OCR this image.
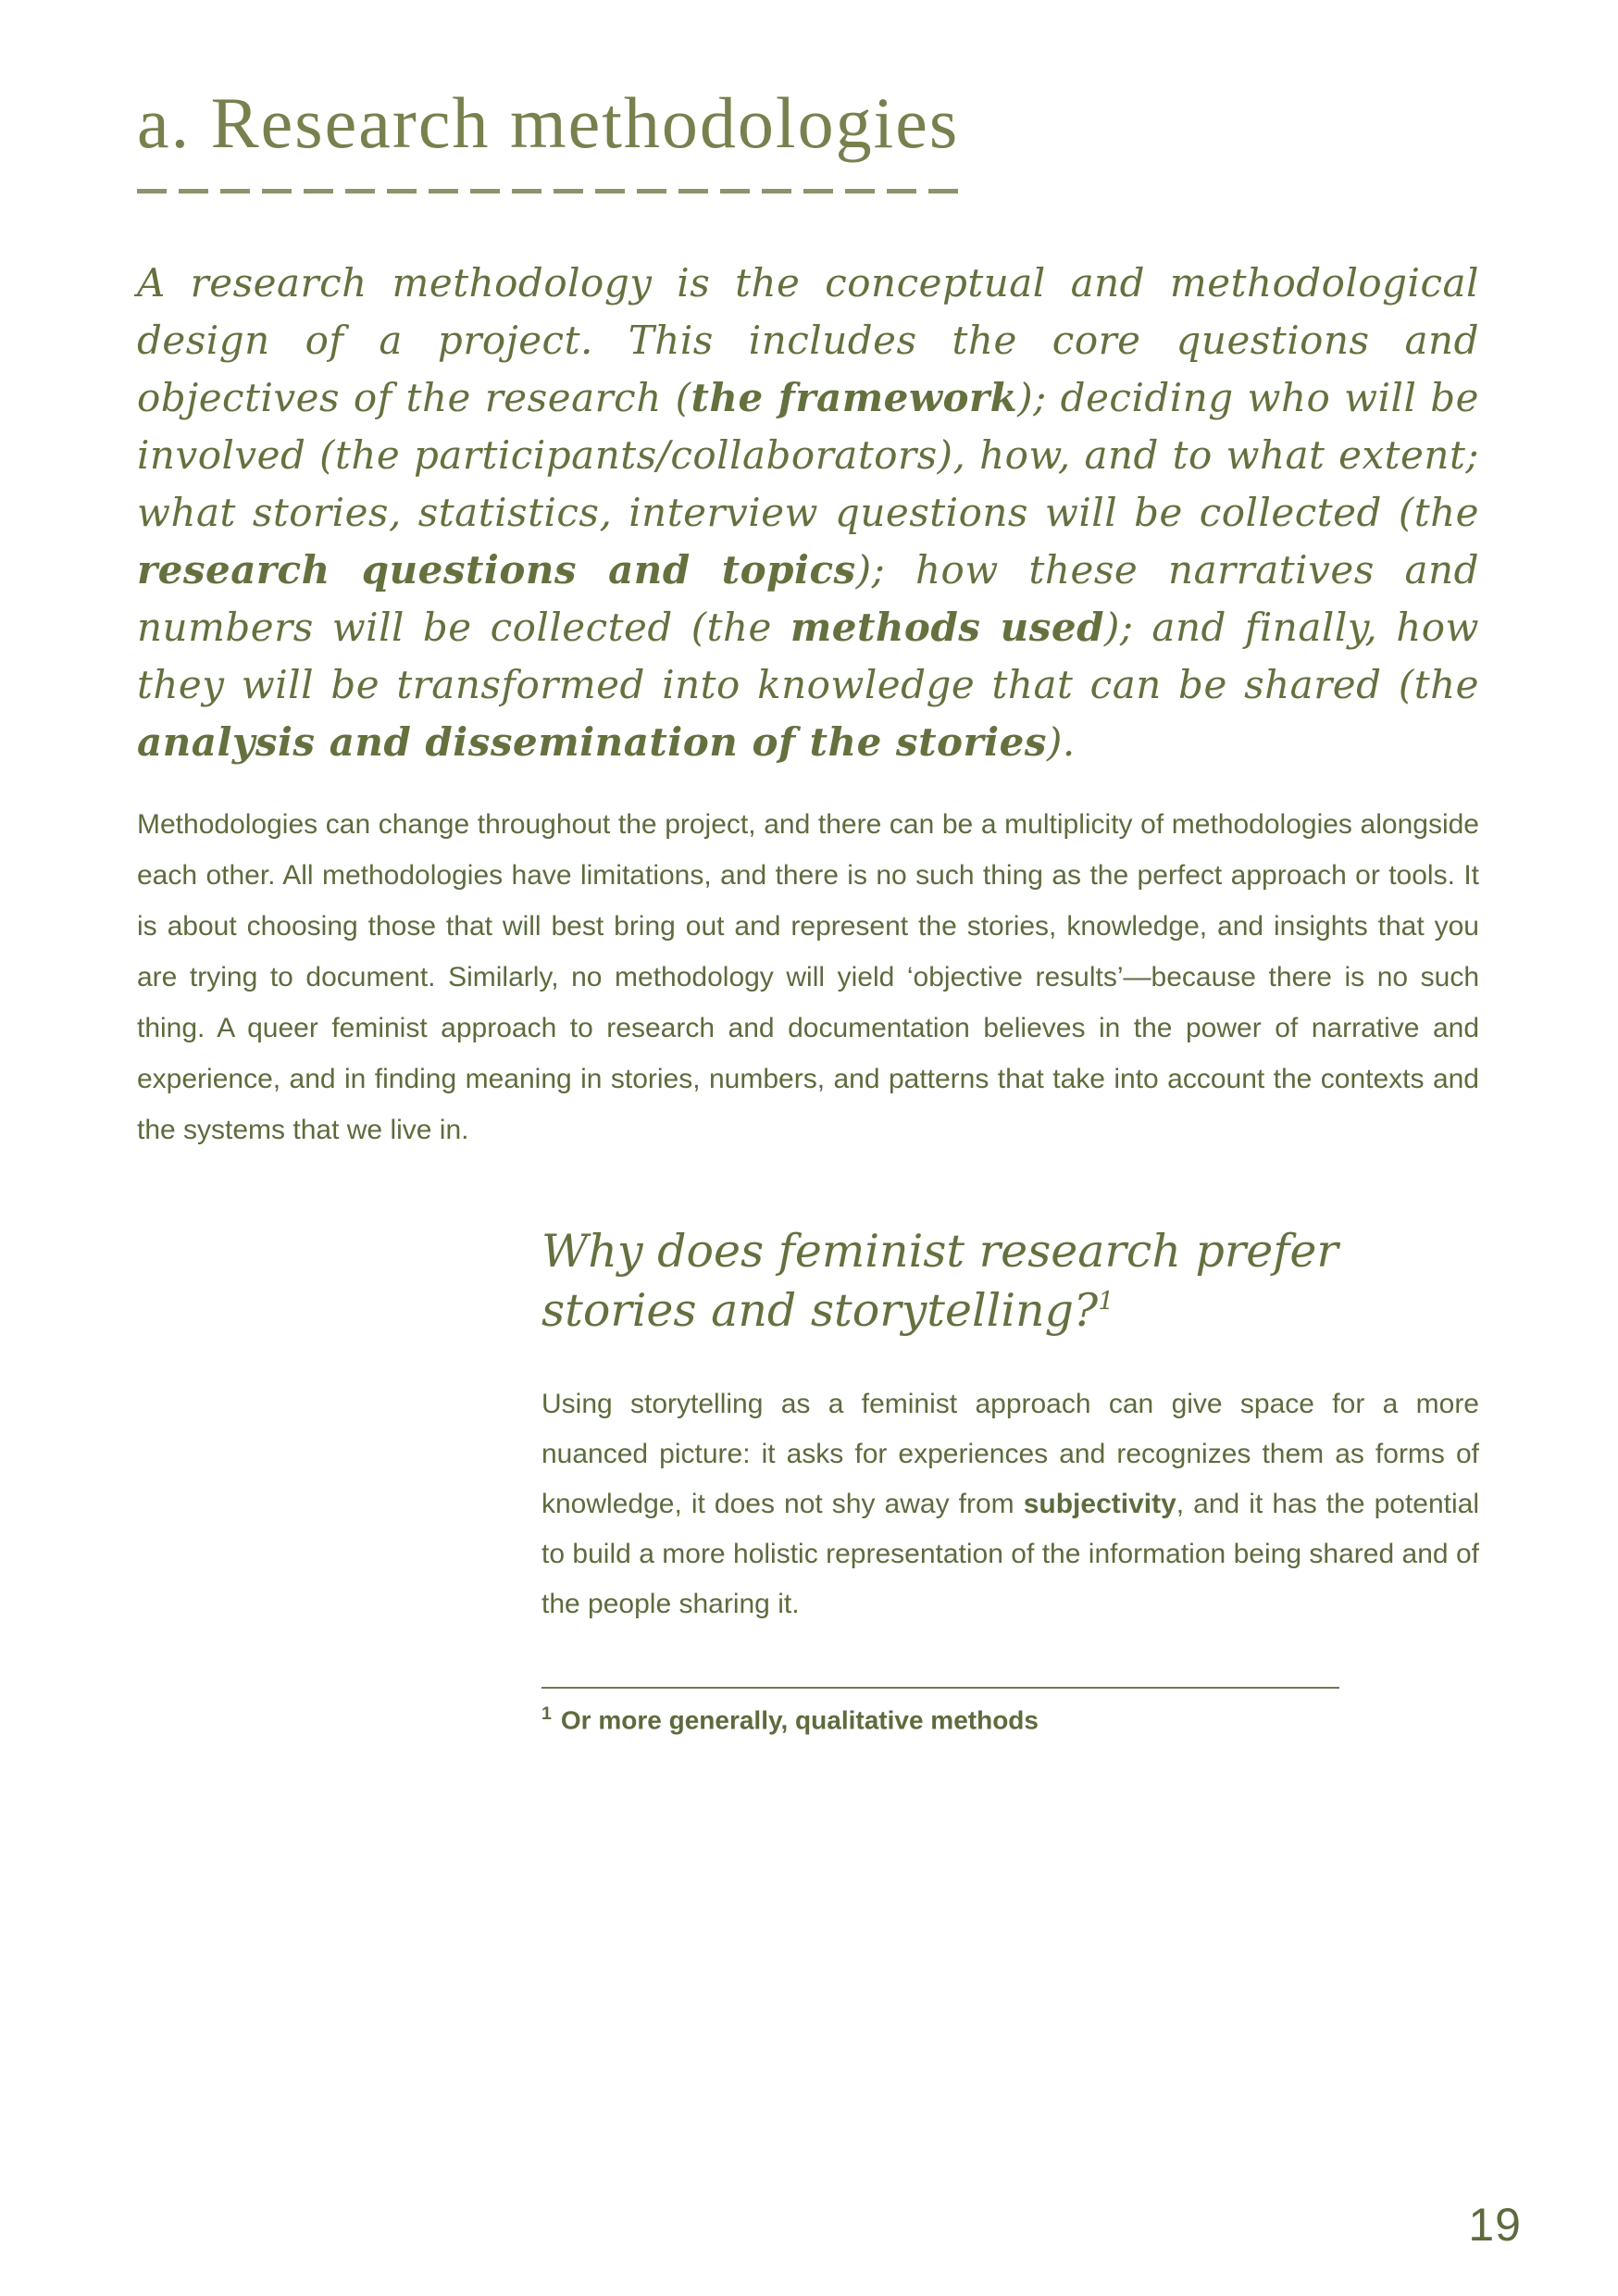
a. Research methodologies

A research methodology is the conceptual and methodological design of a project. This includes the core questions and objectives of the research (the framework); deciding who will be involved (the participants/collaborators), how, and to what extent; what stories, statistics, interview questions will be collected (the research questions and topics); how these narratives and numbers will be collected (the methods used); and finally, how they will be transformed into knowledge that can be shared (the analysis and dissemination of the stories).

Methodologies can change throughout the project, and there can be a multiplicity of methodologies alongside each other. All methodologies have limitations, and there is no such thing as the perfect approach or tools. It is about choosing those that will best bring out and represent the stories, knowledge, and insights that you are trying to document. Similarly, no methodology will yield ‘objective results’—because there is no such thing. A queer feminist approach to research and documentation believes in the power of narrative and experience, and in finding meaning in stories, numbers, and patterns that take into account the contexts and the systems that we live in.

Why does feminist research prefer stories and storytelling?$^1$

Using storytelling as a feminist approach can give space for a more nuanced picture: it asks for experiences and recognizes them as forms of knowledge, it does not shy away from subjectivity, and it has the potential to build a more holistic representation of the information being shared and of the people sharing it.

$^1$ Or more generally, qualitative methods

19
